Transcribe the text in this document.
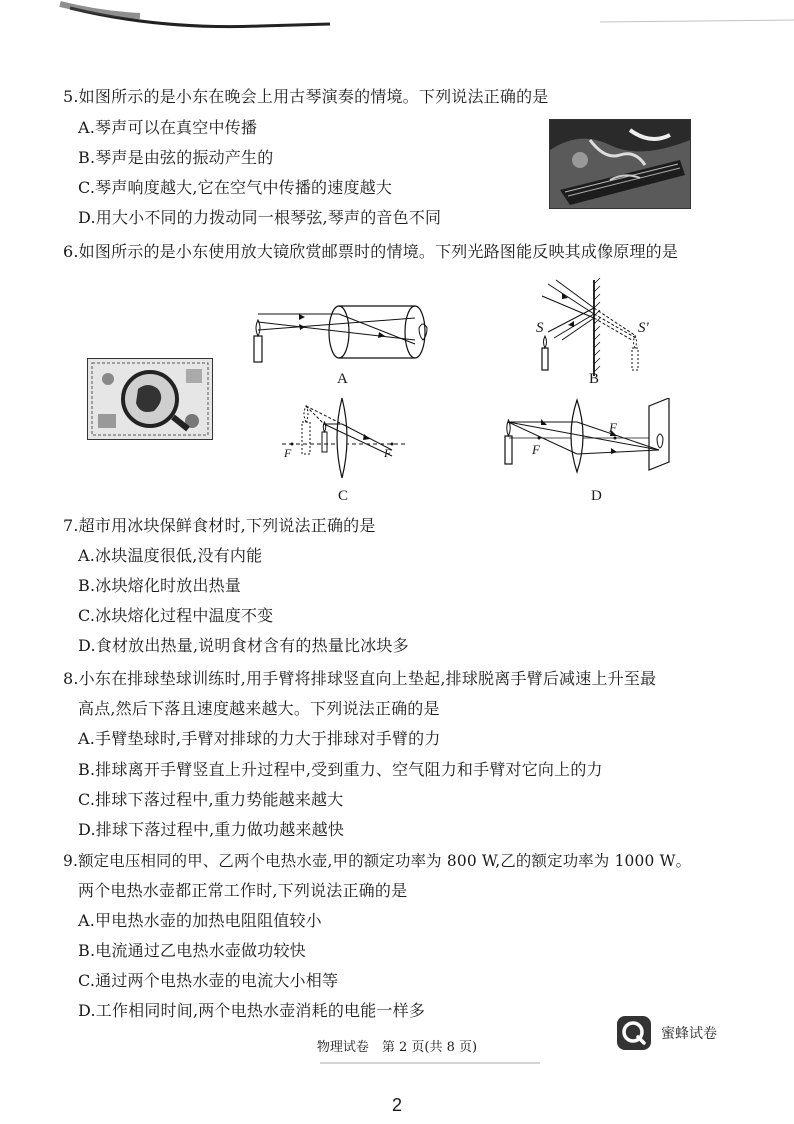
5.如图所示的是小东在晚会上用古琴演奏的情境。下列说法正确的是
A.琴声可以在真空中传播
B.琴声是由弦的振动产生的
C.琴声响度越大,它在空气中传播的速度越大
D.用大小不同的力拨动同一根琴弦,琴声的音色不同
6.如图所示的是小东使用放大镜欣赏邮票时的情境。下列光路图能反映其成像原理的是
A
S	S′
B
F	F
C
F
F
D
7.超市用冰块保鲜食材时,下列说法正确的是
A.冰块温度很低,没有内能
B.冰块熔化时放出热量
C.冰块熔化过程中温度不变
D.食材放出热量,说明食材含有的热量比冰块多
8.小东在排球垫球训练时,用手臂将排球竖直向上垫起,排球脱离手臂后减速上升至最
高点,然后下落且速度越来越大。下列说法正确的是
A.手臂垫球时,手臂对排球的力大于排球对手臂的力
B.排球离开手臂竖直上升过程中,受到重力、空气阻力和手臂对它向上的力
C.排球下落过程中,重力势能越来越大
D.排球下落过程中,重力做功越来越快
9.额定电压相同的甲、乙两个电热水壶,甲的额定功率为 800 W,乙的额定功率为 1000 W。
两个电热水壶都正常工作时,下列说法正确的是
A.甲电热水壶的加热电阻阻值较小
B.电流通过乙电热水壶做功较快
C.通过两个电热水壶的电流大小相等
D.工作相同时间,两个电热水壶消耗的电能一样多
蜜蜂试卷
物理试卷　第 2 页(共 8 页)
2
